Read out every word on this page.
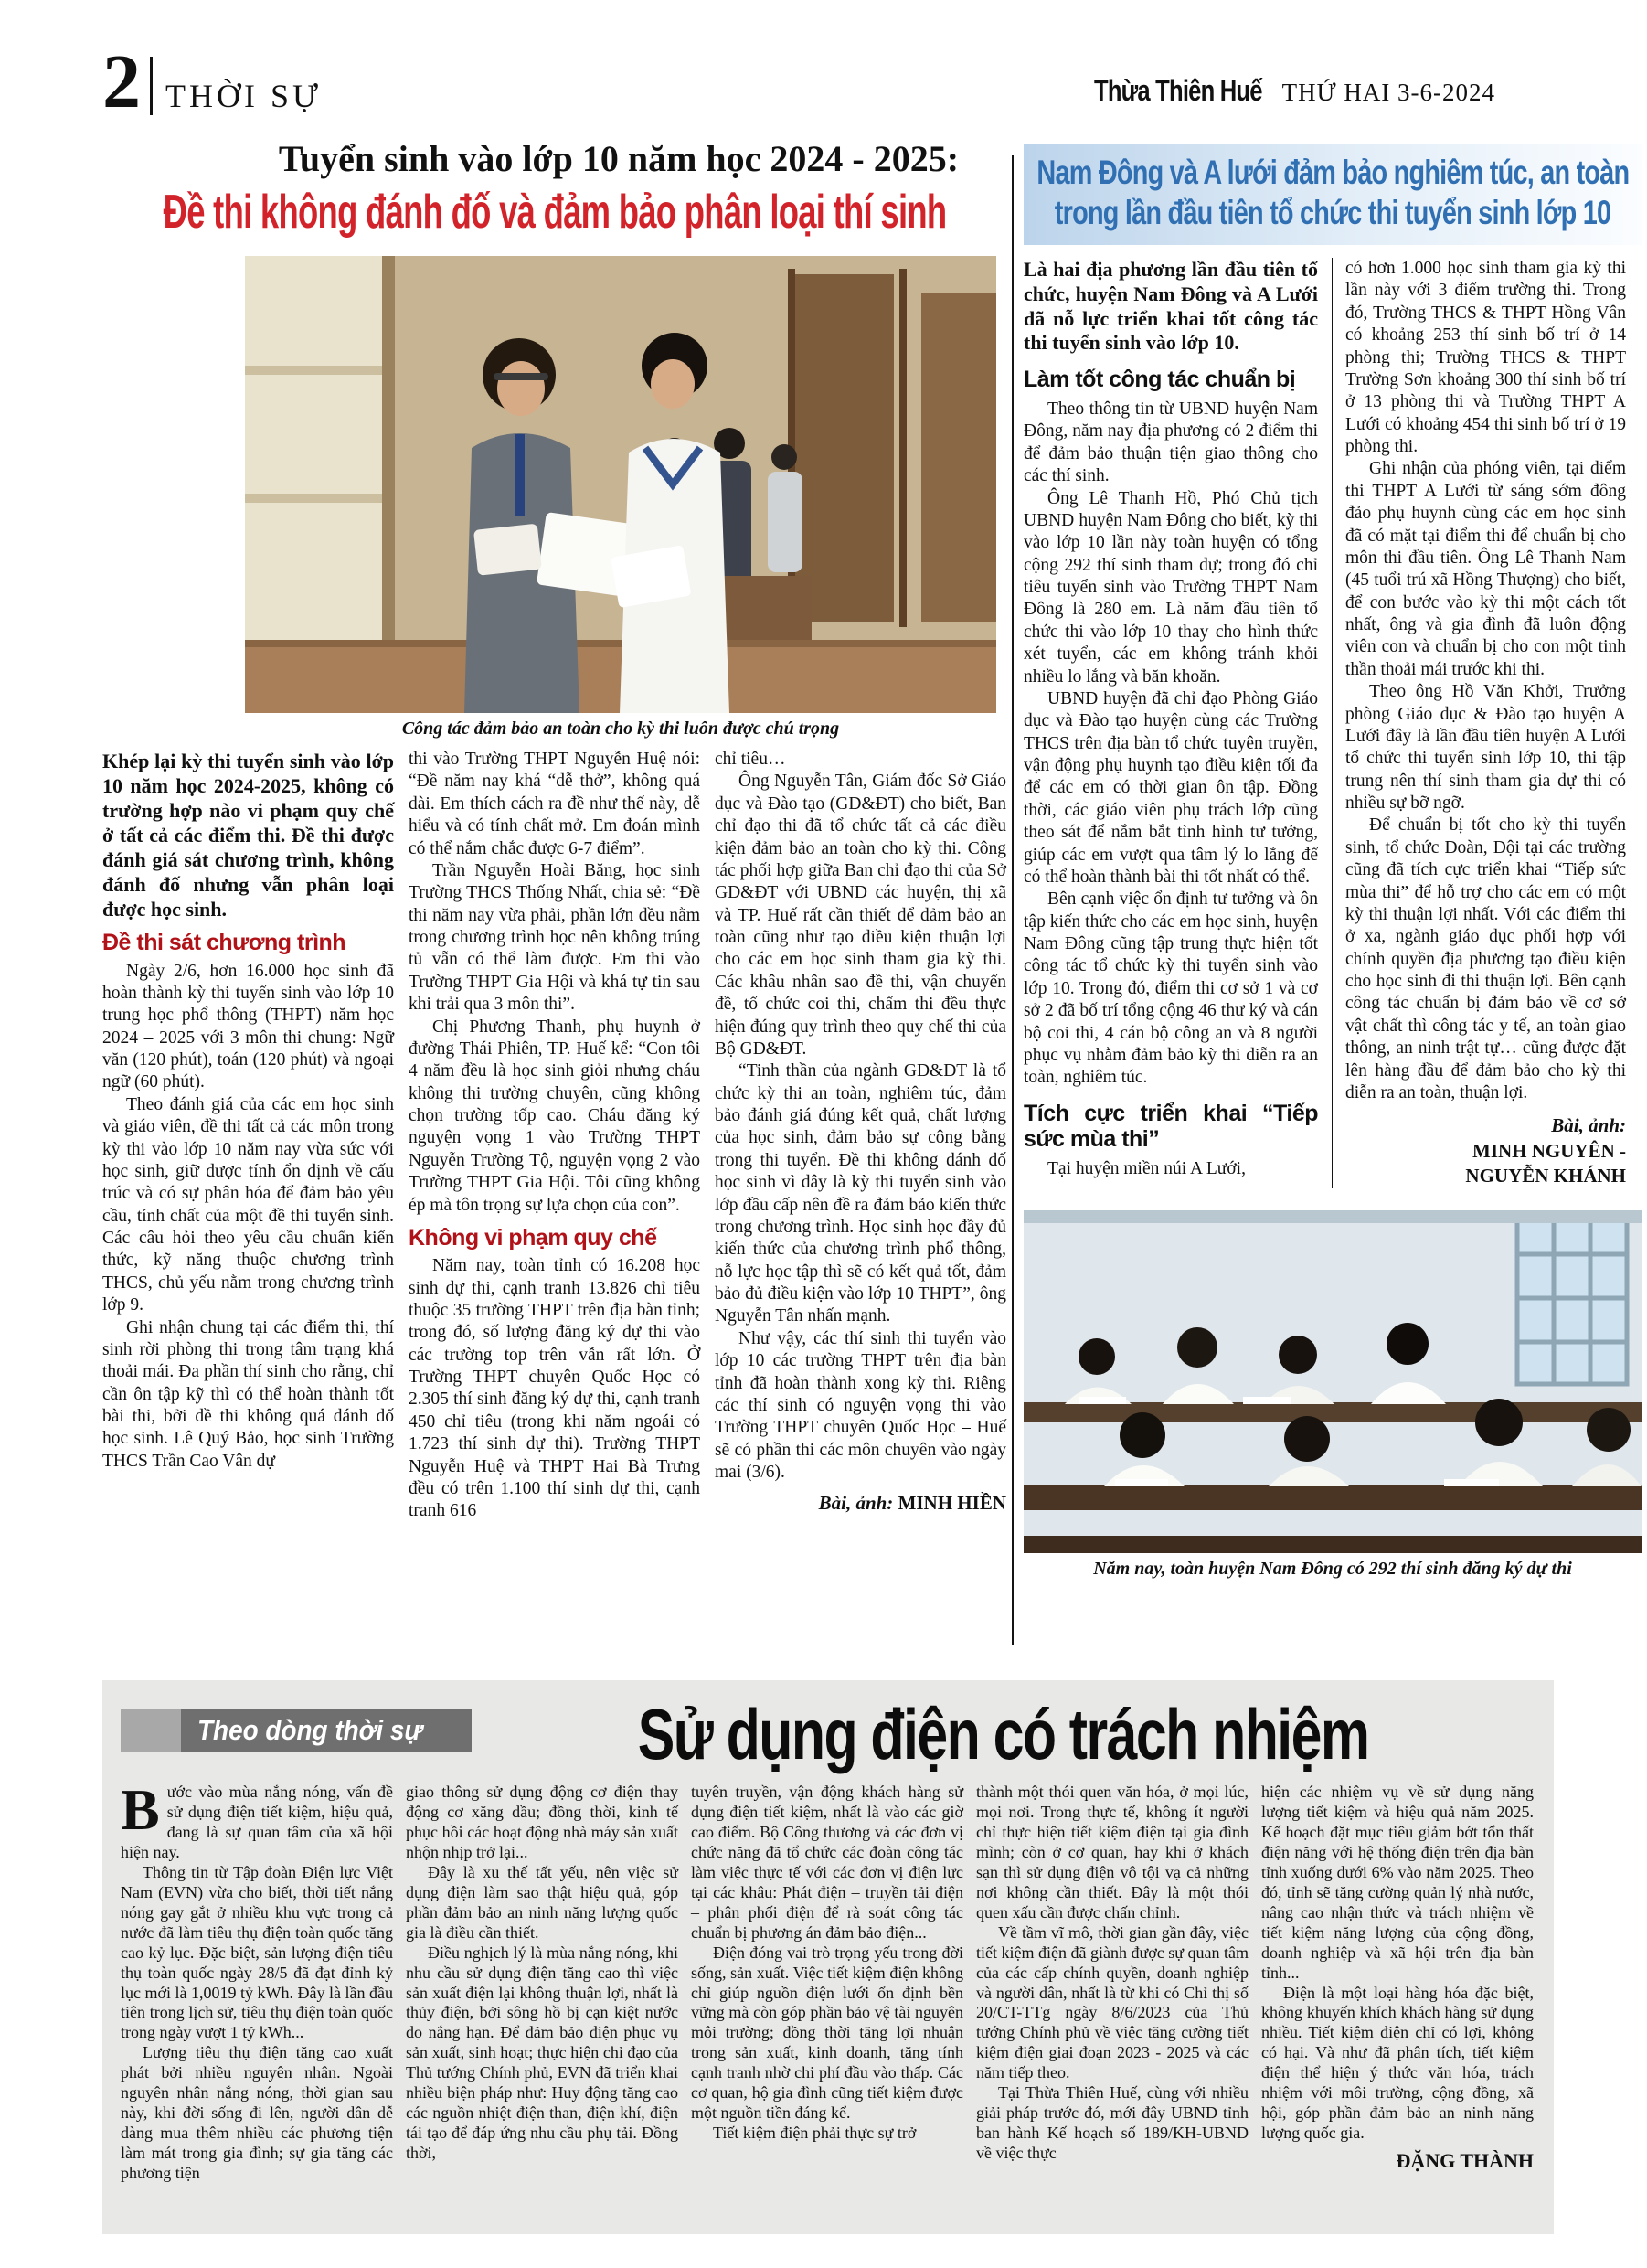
2 THỜI SỰ	Thừa Thiên Huế THỨ HAI 3-6-2024
Tuyển sinh vào lớp 10 năm học 2024 - 2025:
Đề thi không đánh đố và đảm bảo phân loại thí sinh
Công tác đảm bảo an toàn cho kỳ thi luôn được chú trọng
Khép lại kỳ thi tuyển sinh vào lớp 10 năm học 2024-2025, không có trường hợp nào vi phạm quy chế ở tất cả các điểm thi. Đề thi được đánh giá sát chương trình, không đánh đố nhưng vẫn phân loại được học sinh.
Đề thi sát chương trình

Ngày 2/6, hơn 16.000 học sinh đã hoàn thành kỳ thi tuyển sinh vào lớp 10 trung học phổ thông (THPT) năm học 2024 – 2025 với 3 môn thi chung: Ngữ văn (120 phút), toán (120 phút) và ngoại ngữ (60 phút).

Theo đánh giá của các em học sinh và giáo viên, đề thi tất cả các môn trong kỳ thi vào lớp 10 năm nay vừa sức với học sinh, giữ được tính ổn định về cấu trúc và có sự phân hóa để đảm bảo yêu cầu, tính chất của một đề thi tuyển sinh. Các câu hỏi theo yêu cầu chuẩn kiến thức, kỹ năng thuộc chương trình THCS, chủ yếu nằm trong chương trình lớp 9.

Ghi nhận chung tại các điểm thi, thí sinh rời phòng thi trong tâm trạng khá thoải mái. Đa phần thí sinh cho rằng, chỉ cần ôn tập kỹ thì có thể hoàn thành tốt bài thi, bởi đề thi không quá đánh đố học sinh. Lê Quý Bảo, học sinh Trường THCS Trần Cao Vân dự

thi vào Trường THPT Nguyễn Huệ nói: “Đề năm nay khá “dễ thở”, không quá dài. Em thích cách ra đề như thế này, dễ hiểu và có tính chất mở. Em đoán mình có thể nắm chắc được 6-7 điểm”.

Trần Nguyễn Hoài Băng, học sinh Trường THCS Thống Nhất, chia sẻ: “Đề thi năm nay vừa phải, phần lớn đều nằm trong chương trình học nên không trúng tủ vẫn có thể làm được. Em thi vào Trường THPT Gia Hội và khá tự tin sau khi trải qua 3 môn thi”.

Chị Phương Thanh, phụ huynh ở đường Thái Phiên, TP. Huế kể: “Con tôi 4 năm đều là học sinh giỏi nhưng cháu không thi trường chuyên, cũng không chọn trường tốp cao. Cháu đăng ký nguyện vọng 1 vào Trường THPT Nguyễn Trường Tộ, nguyện vọng 2 vào Trường THPT Gia Hội. Tôi cũng không ép mà tôn trọng sự lựa chọn của con”.

Không vi phạm quy chế

Năm nay, toàn tỉnh có 16.208 học sinh dự thi, cạnh tranh 13.826 chỉ tiêu thuộc 35 trường THPT trên địa bàn tỉnh; trong đó, số lượng đăng ký dự thi vào các trường top trên vẫn rất lớn. Ở Trường THPT chuyên Quốc Học có 2.305 thí sinh đăng ký dự thi, cạnh tranh 450 chỉ tiêu (trong khi năm ngoái có 1.723 thí sinh dự thi). Trường THPT Nguyễn Huệ và THPT Hai Bà Trưng đều có trên 1.100 thí sinh dự thi, cạnh tranh 616

chỉ tiêu…

Ông Nguyễn Tân, Giám đốc Sở Giáo dục và Đào tạo (GD&ĐT) cho biết, Ban chỉ đạo thi đã tổ chức tất cả các điều kiện đảm bảo an toàn cho kỳ thi. Công tác phối hợp giữa Ban chỉ đạo thi của Sở GD&ĐT với UBND các huyện, thị xã và TP. Huế rất cần thiết để đảm bảo an toàn cũng như tạo điều kiện thuận lợi cho các em học sinh tham gia kỳ thi. Các khâu nhân sao đề thi, vận chuyển đề, tổ chức coi thi, chấm thi đều thực hiện đúng quy trình theo quy chế thi của Bộ GD&ĐT.

“Tinh thần của ngành GD&ĐT là tổ chức kỳ thi an toàn, nghiêm túc, đảm bảo đánh giá đúng kết quả, chất lượng của học sinh, đảm bảo sự công bằng trong thi tuyển. Đề thi không đánh đố học sinh vì đây là kỳ thi tuyển sinh vào lớp đầu cấp nên đề ra đảm bảo kiến thức trong chương trình. Học sinh học đầy đủ kiến thức của chương trình phổ thông, nỗ lực học tập thì sẽ có kết quả tốt, đảm bảo đủ điều kiện vào lớp 10 THPT”, ông Nguyễn Tân nhấn mạnh.

Như vậy, các thí sinh thi tuyển vào lớp 10 các trường THPT trên địa bàn tỉnh đã hoàn thành xong kỳ thi. Riêng các thí sinh có nguyện vọng thi vào Trường THPT chuyên Quốc Học – Huế sẽ có phần thi các môn chuyên vào ngày mai (3/6).

Bài, ảnh: MINH HIỀN
Nam Đông và A lưới đảm bảo nghiêm túc, an toàn
trong lần đầu tiên tổ chức thi tuyển sinh lớp 10
Là hai địa phương lần đầu tiên tổ chức, huyện Nam Đông và A Lưới đã nỗ lực triển khai tốt công tác thi tuyển sinh vào lớp 10.
Làm tốt công tác chuẩn bị

Theo thông tin từ UBND huyện Nam Đông, năm nay địa phương có 2 điểm thi để đảm bảo thuận tiện giao thông cho các thí sinh.

Ông Lê Thanh Hồ, Phó Chủ tịch UBND huyện Nam Đông cho biết, kỳ thi vào lớp 10 lần này toàn huyện có tổng cộng 292 thí sinh tham dự; trong đó chỉ tiêu tuyển sinh vào Trường THPT Nam Đông là 280 em. Là năm đầu tiên tổ chức thi vào lớp 10 thay cho hình thức xét tuyển, các em không tránh khỏi nhiều lo lắng và băn khoăn.

UBND huyện đã chỉ đạo Phòng Giáo dục và Đào tạo huyện cùng các Trường THCS trên địa bàn tổ chức tuyên truyền, vận động phụ huynh tạo điều kiện tối đa để các em có thời gian ôn tập. Đồng thời, các giáo viên phụ trách lớp cũng theo sát để nắm bắt tình hình tư tưởng, giúp các em vượt qua tâm lý lo lắng để có thể hoàn thành bài thi tốt nhất có thể.

Bên cạnh việc ổn định tư tưởng và ôn tập kiến thức cho các em học sinh, huyện Nam Đông cũng tập trung thực hiện tốt công tác tổ chức kỳ thi tuyển sinh vào lớp 10. Trong đó, điểm thi cơ sở 1 và cơ sở 2 đã bố trí tổng cộng 46 thư ký và cán bộ coi thi, 4 cán bộ công an và 8 người phục vụ nhằm đảm bảo kỳ thi diễn ra an toàn, nghiêm túc.

Tích cực triển khai “Tiếp sức mùa thi”

Tại huyện miền núi A Lưới,

có hơn 1.000 học sinh tham gia kỳ thi lần này với 3 điểm trường thi. Trong đó, Trường THCS & THPT Hồng Vân có khoảng 253 thí sinh bố trí ở 14 phòng thi; Trường THCS & THPT Trường Sơn khoảng 300 thí sinh bố trí ở 13 phòng thi và Trường THPT A Lưới có khoảng 454 thi sinh bố trí ở 19 phòng thi.

Ghi nhận của phóng viên, tại điểm thi THPT A Lưới từ sáng sớm đông đảo phụ huynh cùng các em học sinh đã có mặt tại điểm thi để chuẩn bị cho môn thi đầu tiên. Ông Lê Thanh Nam (45 tuổi trú xã Hồng Thượng) cho biết, để con bước vào kỳ thi một cách tốt nhất, ông và gia đình đã luôn động viên con và chuẩn bị cho con một tinh thần thoải mái trước khi thi.

Theo ông Hồ Văn Khởi, Trưởng phòng Giáo dục & Đào tạo huyện A Lưới đây là lần đầu tiên huyện A Lưới tổ chức thi tuyển sinh lớp 10, thi tập trung nên thí sinh tham gia dự thi có nhiều sự bỡ ngỡ.

Để chuẩn bị tốt cho kỳ thi tuyển sinh, tổ chức Đoàn, Đội tại các trường cũng đã tích cực triển khai “Tiếp sức mùa thi” để hỗ trợ cho các em có một kỳ thi thuận lợi nhất. Với các điểm thi ở xa, ngành giáo dục phối hợp với chính quyền địa phương tạo điều kiện cho học sinh đi thi thuận lợi. Bên cạnh công tác chuẩn bị đảm bảo về cơ sở vật chất thì công tác y tế, an toàn giao thông, an ninh trật tự… cũng được đặt lên hàng đầu để đảm bảo cho kỳ thi diễn ra an toàn, thuận lợi.

Bài, ảnh:
MINH NGUYÊN -
NGUYỄN KHÁNH
Năm nay, toàn huyện Nam Đông có 292 thí sinh đăng ký dự thi
Theo dòng thời sự	Sử dụng điện có trách nhiệm

Bước vào mùa nắng nóng, vấn đề sử dụng điện tiết kiệm, hiệu quả, đang là sự quan tâm của xã hội hiện nay.

Thông tin từ Tập đoàn Điện lực Việt Nam (EVN) vừa cho biết, thời tiết nắng nóng gay gắt ở nhiều khu vực trong cả nước đã làm tiêu thụ điện toàn quốc tăng cao kỷ lục. Đặc biệt, sản lượng điện tiêu thụ toàn quốc ngày 28/5 đã đạt đỉnh kỷ lục mới là 1,0019 tỷ kWh. Đây là lần đầu tiên trong lịch sử, tiêu thụ điện toàn quốc trong ngày vượt 1 tỷ kWh...

Lượng tiêu thụ điện tăng cao xuất phát bởi nhiều nguyên nhân. Ngoài nguyên nhân nắng nóng, thời gian sau này, khi đời sống đi lên, người dân dễ dàng mua thêm nhiều các phương tiện làm mát trong gia đình; sự gia tăng các phương tiện

giao thông sử dụng động cơ điện thay động cơ xăng dầu; đồng thời, kinh tế phục hồi các hoạt động nhà máy sản xuất nhộn nhịp trở lại...

Đây là xu thế tất yếu, nên việc sử dụng điện làm sao thật hiệu quả, góp phần đảm bảo an ninh năng lượng quốc gia là điều cần thiết.

Điều nghịch lý là mùa nắng nóng, khi nhu cầu sử dụng điện tăng cao thì việc sản xuất điện lại không thuận lợi, nhất là thủy điện, bởi sông hồ bị cạn kiệt nước do nắng hạn. Để đảm bảo điện phục vụ sản xuất, sinh hoạt; thực hiện chỉ đạo của Thủ tướng Chính phủ, EVN đã triển khai nhiều biện pháp như: Huy động tăng cao các nguồn nhiệt điện than, điện khí, điện tái tạo để đáp ứng nhu cầu phụ tải. Đồng thời,

tuyên truyền, vận động khách hàng sử dụng điện tiết kiệm, nhất là vào các giờ cao điểm. Bộ Công thương và các đơn vị chức năng đã tổ chức các đoàn công tác làm việc thực tế với các đơn vị điện lực tại các khâu: Phát điện – truyền tải điện – phân phối điện để rà soát công tác chuẩn bị phương án đảm bảo điện...

Điện đóng vai trò trọng yếu trong đời sống, sản xuất. Việc tiết kiệm điện không chỉ giúp nguồn điện lưới ổn định bền vững mà còn góp phần bảo vệ tài nguyên môi trường; đồng thời tăng lợi nhuận trong sản xuất, kinh doanh, tăng tính cạnh tranh nhờ chi phí đầu vào thấp. Các cơ quan, hộ gia đình cũng tiết kiệm được một nguồn tiền đáng kể.

Tiết kiệm điện phải thực sự trở

thành một thói quen văn hóa, ở mọi lúc, mọi nơi. Trong thực tế, không ít người chỉ thực hiện tiết kiệm điện tại gia đình mình; còn ở cơ quan, hay khi ở khách sạn thì sử dụng điện vô tội vạ cả những nơi không cần thiết. Đây là một thói quen xấu cần được chấn chỉnh.

Về tầm vĩ mô, thời gian gần đây, việc tiết kiệm điện đã giành được sự quan tâm của các cấp chính quyền, doanh nghiệp và người dân, nhất là từ khi có Chỉ thị số 20/CT-TTg ngày 8/6/2023 của Thủ tướng Chính phủ về việc tăng cường tiết kiệm điện giai đoạn 2023 - 2025 và các năm tiếp theo.

Tại Thừa Thiên Huế, cùng với nhiều giải pháp trước đó, mới đây UBND tỉnh ban hành Kế hoạch số 189/KH-UBND về việc thực

hiện các nhiệm vụ về sử dụng năng lượng tiết kiệm và hiệu quả năm 2025. Kế hoạch đặt mục tiêu giảm bớt tổn thất điện năng với hệ thống điện trên địa bàn tỉnh xuống dưới 6% vào năm 2025. Theo đó, tỉnh sẽ tăng cường quản lý nhà nước, nâng cao nhận thức và trách nhiệm về tiết kiệm năng lượng của cộng đồng, doanh nghiệp và xã hội trên địa bàn tỉnh...

Điện là một loại hàng hóa đặc biệt, không khuyến khích khách hàng sử dụng nhiều. Tiết kiệm điện chỉ có lợi, không có hại. Và như đã phân tích, tiết kiệm điện thể hiện ý thức văn hóa, trách nhiệm với môi trường, cộng đồng, xã hội, góp phần đảm bảo an ninh năng lượng quốc gia.

ĐẶNG THÀNH
